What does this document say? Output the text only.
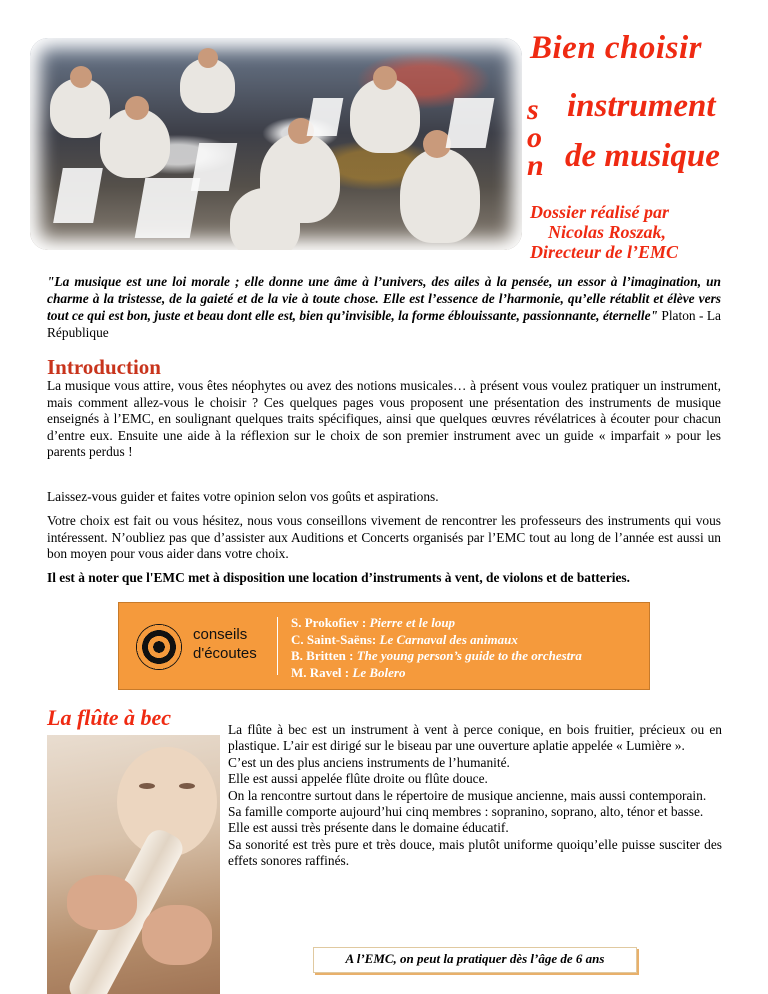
Bien choisir
s
o
n
instrument
de musique
Dossier réalisé par
Nicolas Roszak,
Directeur de l’EMC
"La musique est une loi morale ; elle donne une âme à l’univers, des ailes à la pensée, un essor à l’imagination, un charme à la tristesse, de la gaieté et de la vie à toute chose. Elle est l’essence de l’harmonie, qu’elle rétablit et élève vers tout ce qui est bon, juste et beau dont elle est, bien qu’invisible, la forme éblouissante, passionnante, éternelle" Platon - La République
Introduction
La musique vous attire, vous êtes néophytes ou avez des notions musicales… à présent vous voulez pratiquer un instrument, mais comment allez-vous le choisir ? Ces quelques pages vous proposent une présentation des instruments de musique enseignés à l’EMC, en soulignant quelques traits spécifiques, ainsi que quelques œuvres révélatrices à écouter pour chacun d’entre eux. Ensuite une aide à la réflexion sur le choix de son premier instrument avec un guide « imparfait » pour les parents perdus !
Laissez-vous guider et faites votre opinion selon vos goûts et aspirations.
Votre choix est fait ou vous hésitez, nous vous conseillons vivement de rencontrer les professeurs des instruments qui vous intéressent. N’oubliez pas que d’assister aux Auditions et Concerts organisés par l’EMC tout au long de l’année est aussi un bon moyen pour vous aider dans votre choix.
Il est à noter que l'EMC met à disposition une location d’instruments à vent, de violons et de batteries.
conseils
d'écoutes
S. Prokofiev : Pierre et le loup
C. Saint-Saëns: Le Carnaval des animaux
B. Britten : The young person’s guide to the orchestra
M. Ravel : Le Bolero
La flûte à bec	La flûte à bec est un instrument à vent à perce conique, en bois fruitier, précieux ou en plastique. L’air est dirigé sur le biseau par une ouverture aplatie appelée « Lumière ».

C’est un des plus anciens instruments de l’humanité.

Elle est aussi appelée flûte droite ou flûte douce.

On la rencontre surtout dans le répertoire de musique ancienne, mais aussi contemporain.

Sa famille comporte aujourd’hui cinq membres : sopranino, soprano, alto, ténor et basse.

Elle est aussi très présente dans le domaine éducatif.

Sa sonorité est très pure et très douce, mais plutôt uniforme quoiqu’elle puisse susciter des effets sonores raffinés.

A l’EMC, on peut la pratiquer dès l’âge de 6 ans
